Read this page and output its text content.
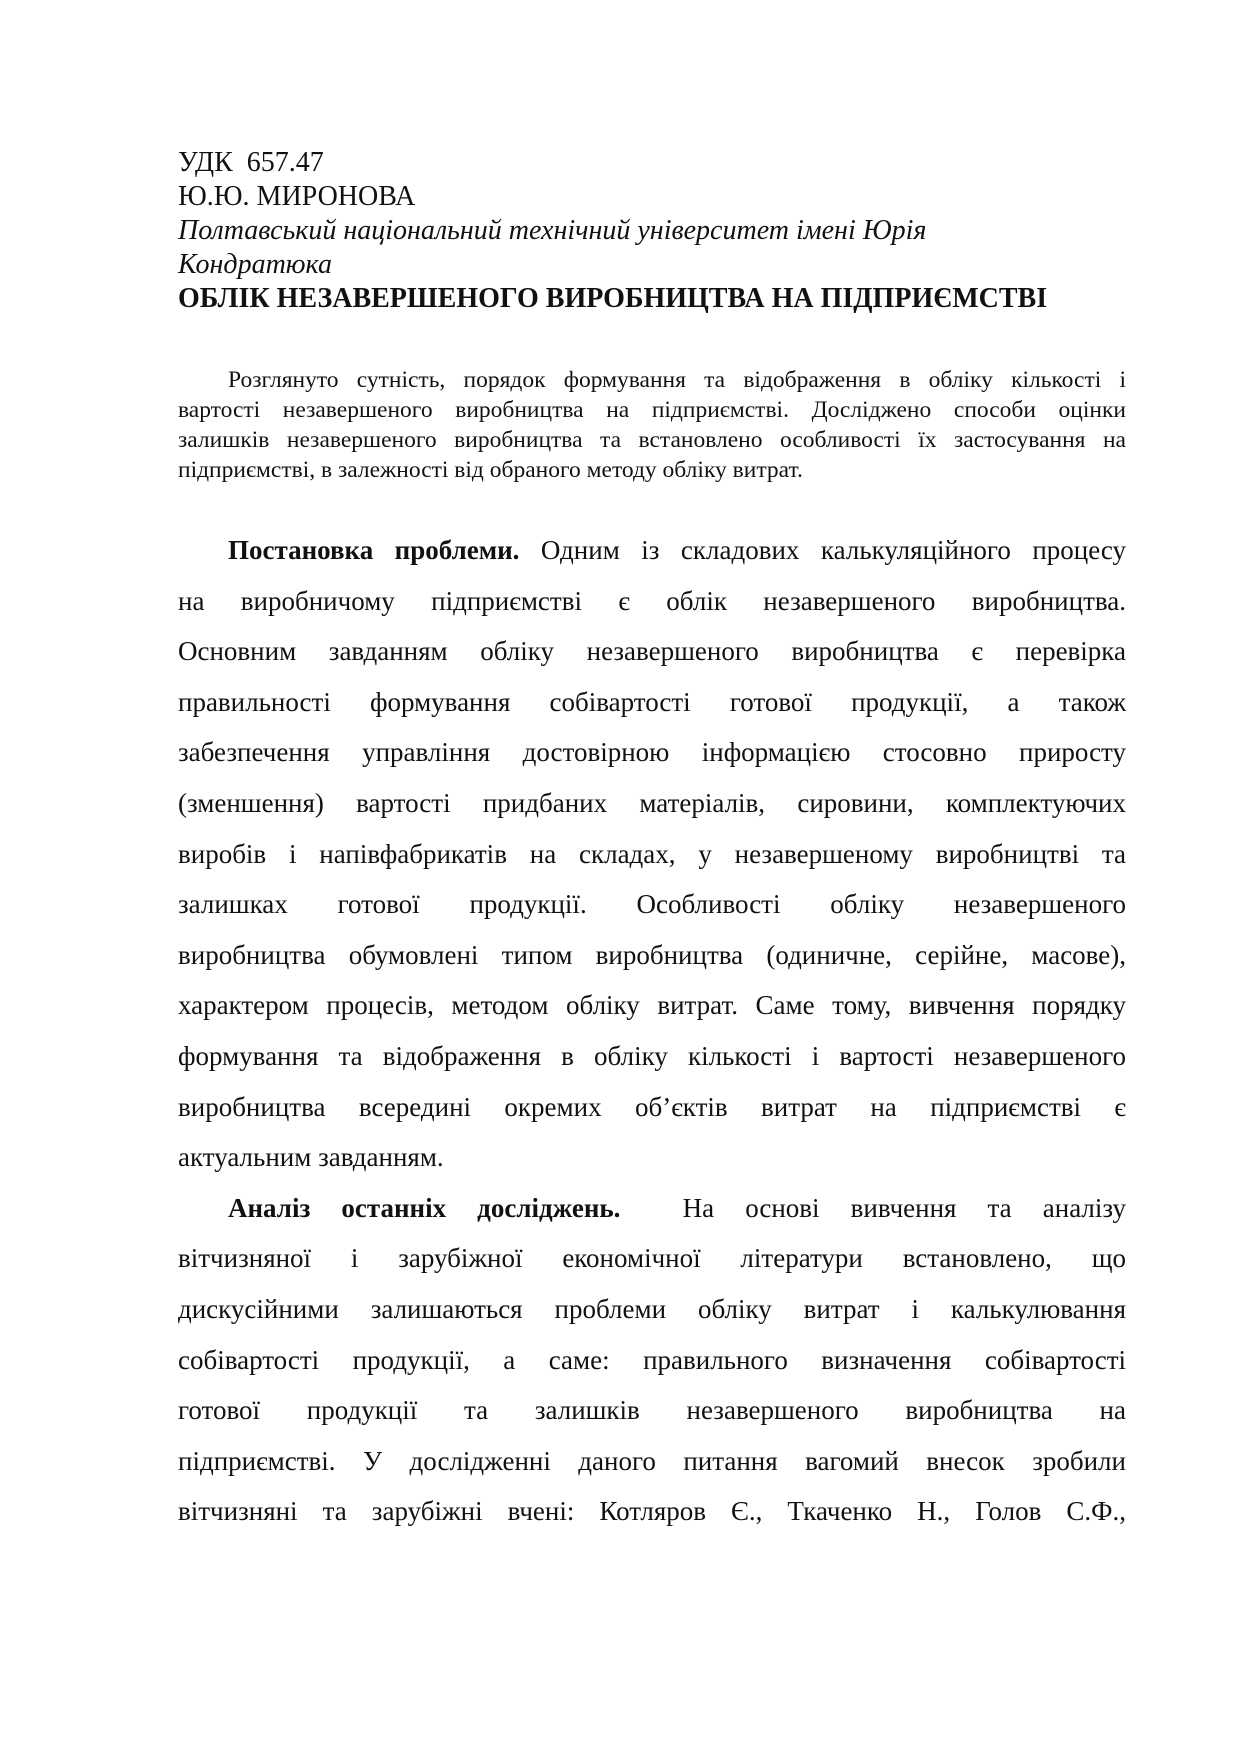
УДК  657.47
Ю.Ю. МИРОНОВА
Полтавський національний технічний університет імені Юрія
Кондратюка
ОБЛІК НЕЗАВЕРШЕНОГО ВИРОБНИЦТВА НА ПІДПРИЄМСТВІ
Розглянуто сутність, порядок формування та відображення в обліку кількості і
вартості незавершеного виробництва на підприємстві. Досліджено способи оцінки
залишків незавершеного виробництва та встановлено особливості їх застосування на
підприємстві, в залежності від обраного методу обліку витрат.
Постановка проблеми. Одним із складових калькуляційного процесу
на виробничому підприємстві є облік незавершеного виробництва.
Основним завданням обліку незавершеного виробництва є перевірка
правильності формування собівартості готової продукції, а також
забезпечення управління достовірною інформацією стосовно приросту
(зменшення) вартості придбаних матеріалів, сировини, комплектуючих
виробів і напівфабрикатів на складах, у незавершеному виробництві та
залишках готової продукції. Особливості обліку незавершеного
виробництва обумовлені типом виробництва (одиничне, серійне, масове),
характером процесів, методом обліку витрат. Саме тому, вивчення порядку
формування та відображення в обліку кількості і вартості незавершеного
виробництва всередині окремих об’єктів витрат на підприємстві є
актуальним завданням.
Аналіз останніх досліджень.  На основі вивчення та аналізу
вітчизняної і зарубіжної економічної літератури встановлено, що
дискусійними залишаються проблеми обліку витрат і калькулювання
собівартості продукції, а саме: правильного визначення собівартості
готової продукції та залишків незавершеного виробництва на
підприємстві. У дослідженні даного питання вагомий внесок зробили
вітчизняні та зарубіжні вчені: Котляров Є., Ткаченко Н., Голов С.Ф.,
